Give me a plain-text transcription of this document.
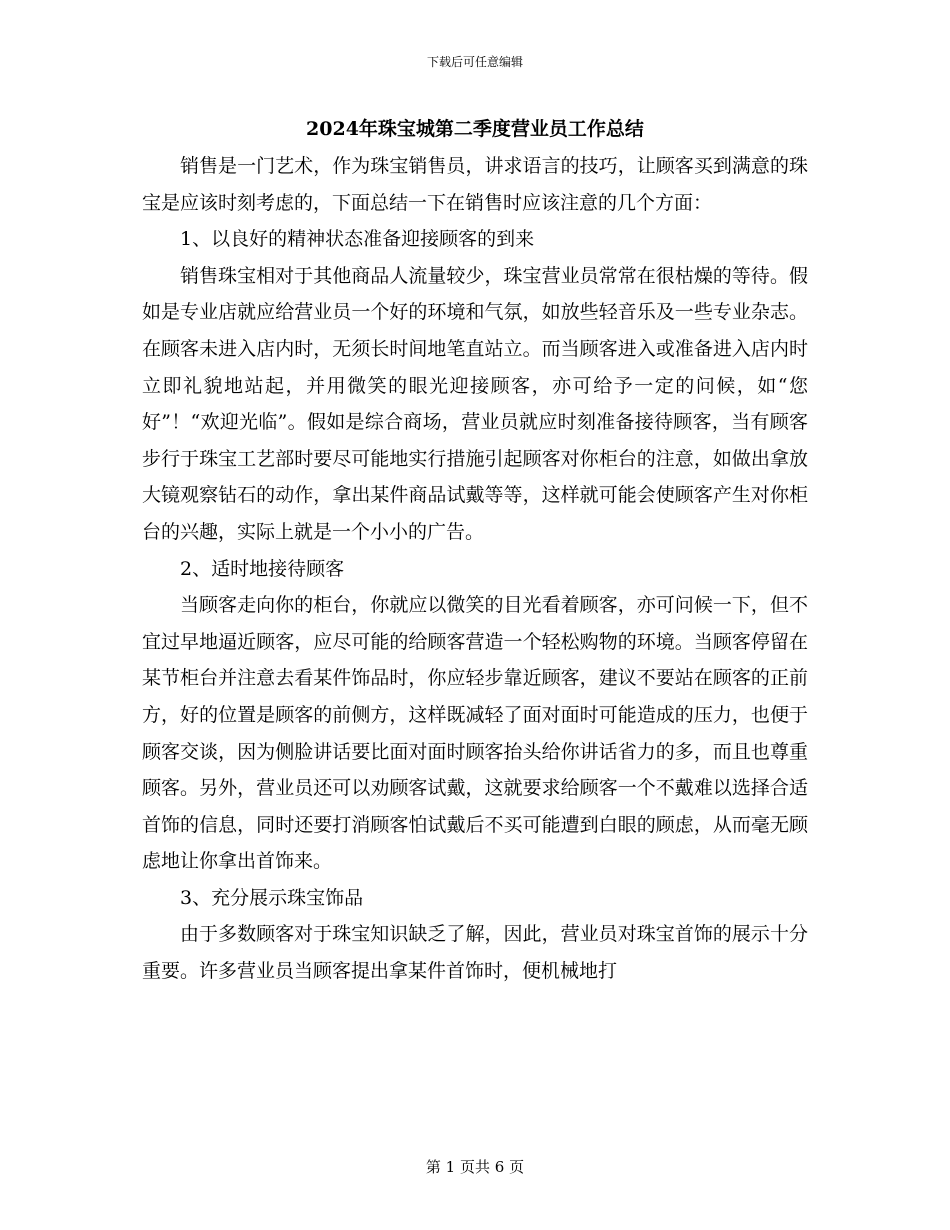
下载后可任意编辑
2024年珠宝城第二季度营业员工作总结

销售是一门艺术，作为珠宝销售员，讲求语言的技巧，让顾客买到满意的珠宝是应该时刻考虑的，下面总结一下在销售时应该注意的几个方面：

1、以良好的精神状态准备迎接顾客的到来

销售珠宝相对于其他商品人流量较少，珠宝营业员常常在很枯燥的等待。假如是专业店就应给营业员一个好的环境和气氛，如放些轻音乐及一些专业杂志。在顾客未进入店内时，无须长时间地笔直站立。而当顾客进入或准备进入店内时立即礼貌地站起，并用微笑的眼光迎接顾客，亦可给予一定的问候，如“您好”！“欢迎光临”。假如是综合商场，营业员就应时刻准备接待顾客，当有顾客步行于珠宝工艺部时要尽可能地实行措施引起顾客对你柜台的注意，如做出拿放大镜观察钻石的动作，拿出某件商品试戴等等，这样就可能会使顾客产生对你柜台的兴趣，实际上就是一个小小的广告。

2、适时地接待顾客

当顾客走向你的柜台，你就应以微笑的目光看着顾客，亦可问候一下，但不宜过早地逼近顾客，应尽可能的给顾客营造一个轻松购物的环境。当顾客停留在某节柜台并注意去看某件饰品时，你应轻步靠近顾客，建议不要站在顾客的正前方，好的位置是顾客的前侧方，这样既减轻了面对面时可能造成的压力，也便于顾客交谈，因为侧脸讲话要比面对面时顾客抬头给你讲话省力的多，而且也尊重顾客。另外，营业员还可以劝顾客试戴，这就要求给顾客一个不戴难以选择合适首饰的信息，同时还要打消顾客怕试戴后不买可能遭到白眼的顾虑，从而毫无顾虑地让你拿出首饰来。

3、充分展示珠宝饰品

由于多数顾客对于珠宝知识缺乏了解，因此，营业员对珠宝首饰的展示十分重要。许多营业员当顾客提出拿某件首饰时，便机械地打

第 1 页共 6 页
